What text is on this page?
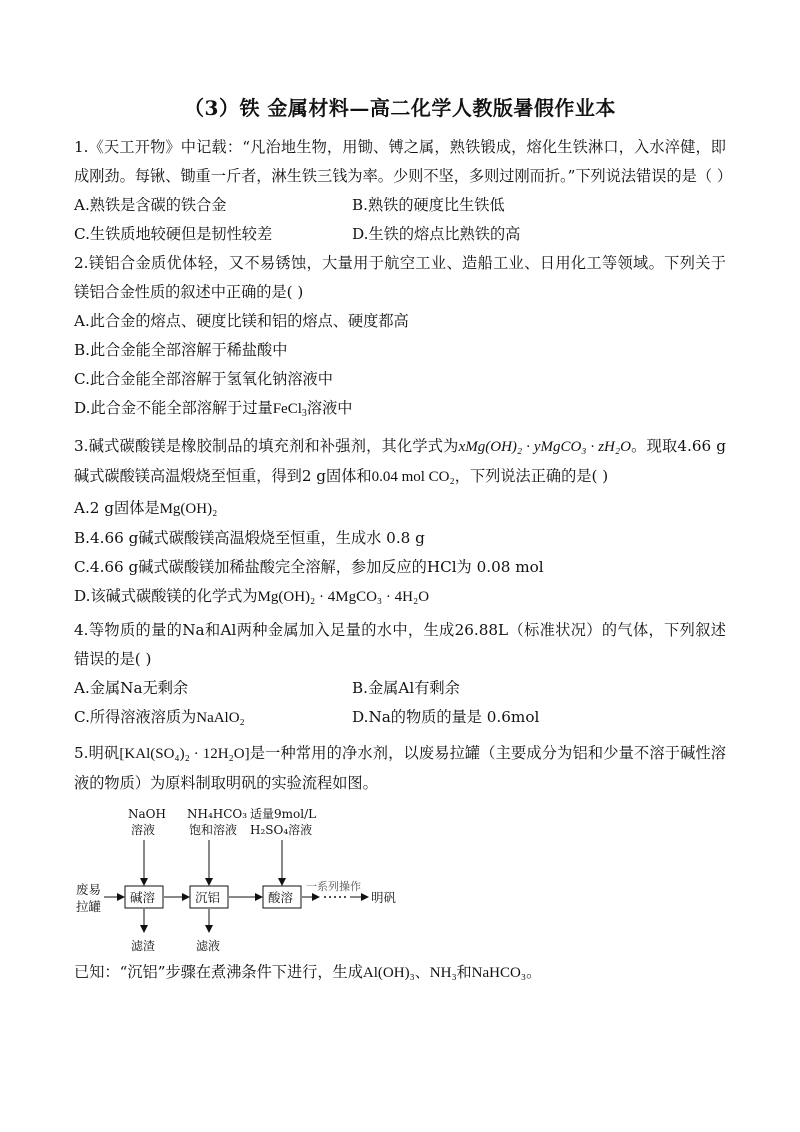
（3）铁 金属材料—高二化学人教版暑假作业本

1.《天工开物》中记载：“凡治地生物，用锄、镈之属，熟铁锻成，熔化生铁淋口，入水淬健，即成刚劲。每锹、锄重一斤者，淋生铁三钱为率。少则不坚，多则过刚而折。”下列说法错误的是（ ）

A.熟铁是含碳的铁合金	B.熟铁的硬度比生铁低
C.生铁质地较硬但是韧性较差	D.生铁的熔点比熟铁的高

2.镁铝合金质优体轻，又不易锈蚀，大量用于航空工业、造船工业、日用化工等领域。下列关于镁铝合金性质的叙述中正确的是( )

A.此合金的熔点、硬度比镁和铝的熔点、硬度都高

B.此合金能全部溶解于稀盐酸中

C.此合金能全部溶解于氢氧化钠溶液中

D.此合金不能全部溶解于过量FeCl$_3$溶液中

3.碱式碳酸镁是橡胶制品的填充剂和补强剂，其化学式为xMg(OH)₂ · yMgCO₃ · zH₂O。现取4.66 g碱式碳酸镁高温煅烧至恒重，得到2 g固体和0.04 mol CO₂，下列说法正确的是( )

A.2 g固体是Mg(OH)₂

B.4.66 g碱式碳酸镁高温煅烧至恒重，生成水 0.8 g

C.4.66 g碱式碳酸镁加稀盐酸完全溶解，参加反应的HCl为 0.08 mol

D.该碱式碳酸镁的化学式为Mg(OH)₂ · 4MgCO₃ · 4H₂O

4.等物质的量的Na和Al两种金属加入足量的水中，生成26.88L（标准状况）的气体，下列叙述错误的是( )

A.金属Na无剩余	B.金属Al有剩余
C.所得溶液溶质为NaAlO₂	D.Na的物质的量是 0.6mol

5.明矾[KAl(SO₄)₂ · 12H₂O]是一种常用的净水剂，以废易拉罐（主要成分为铝和少量不溶于碱性溶液的物质）为原料制取明矾的实验流程如图。

废易
拉罐
碱溶
NaOH
溶液
滤渣
沉铝
NH₄HCO₃
饱和溶液
滤液
酸溶
适量9mol/L
H₂SO₄溶液
一系列操作
明矾

已知：“沉铝”步骤在煮沸条件下进行，生成Al(OH)₃、NH₃和NaHCO₃。
